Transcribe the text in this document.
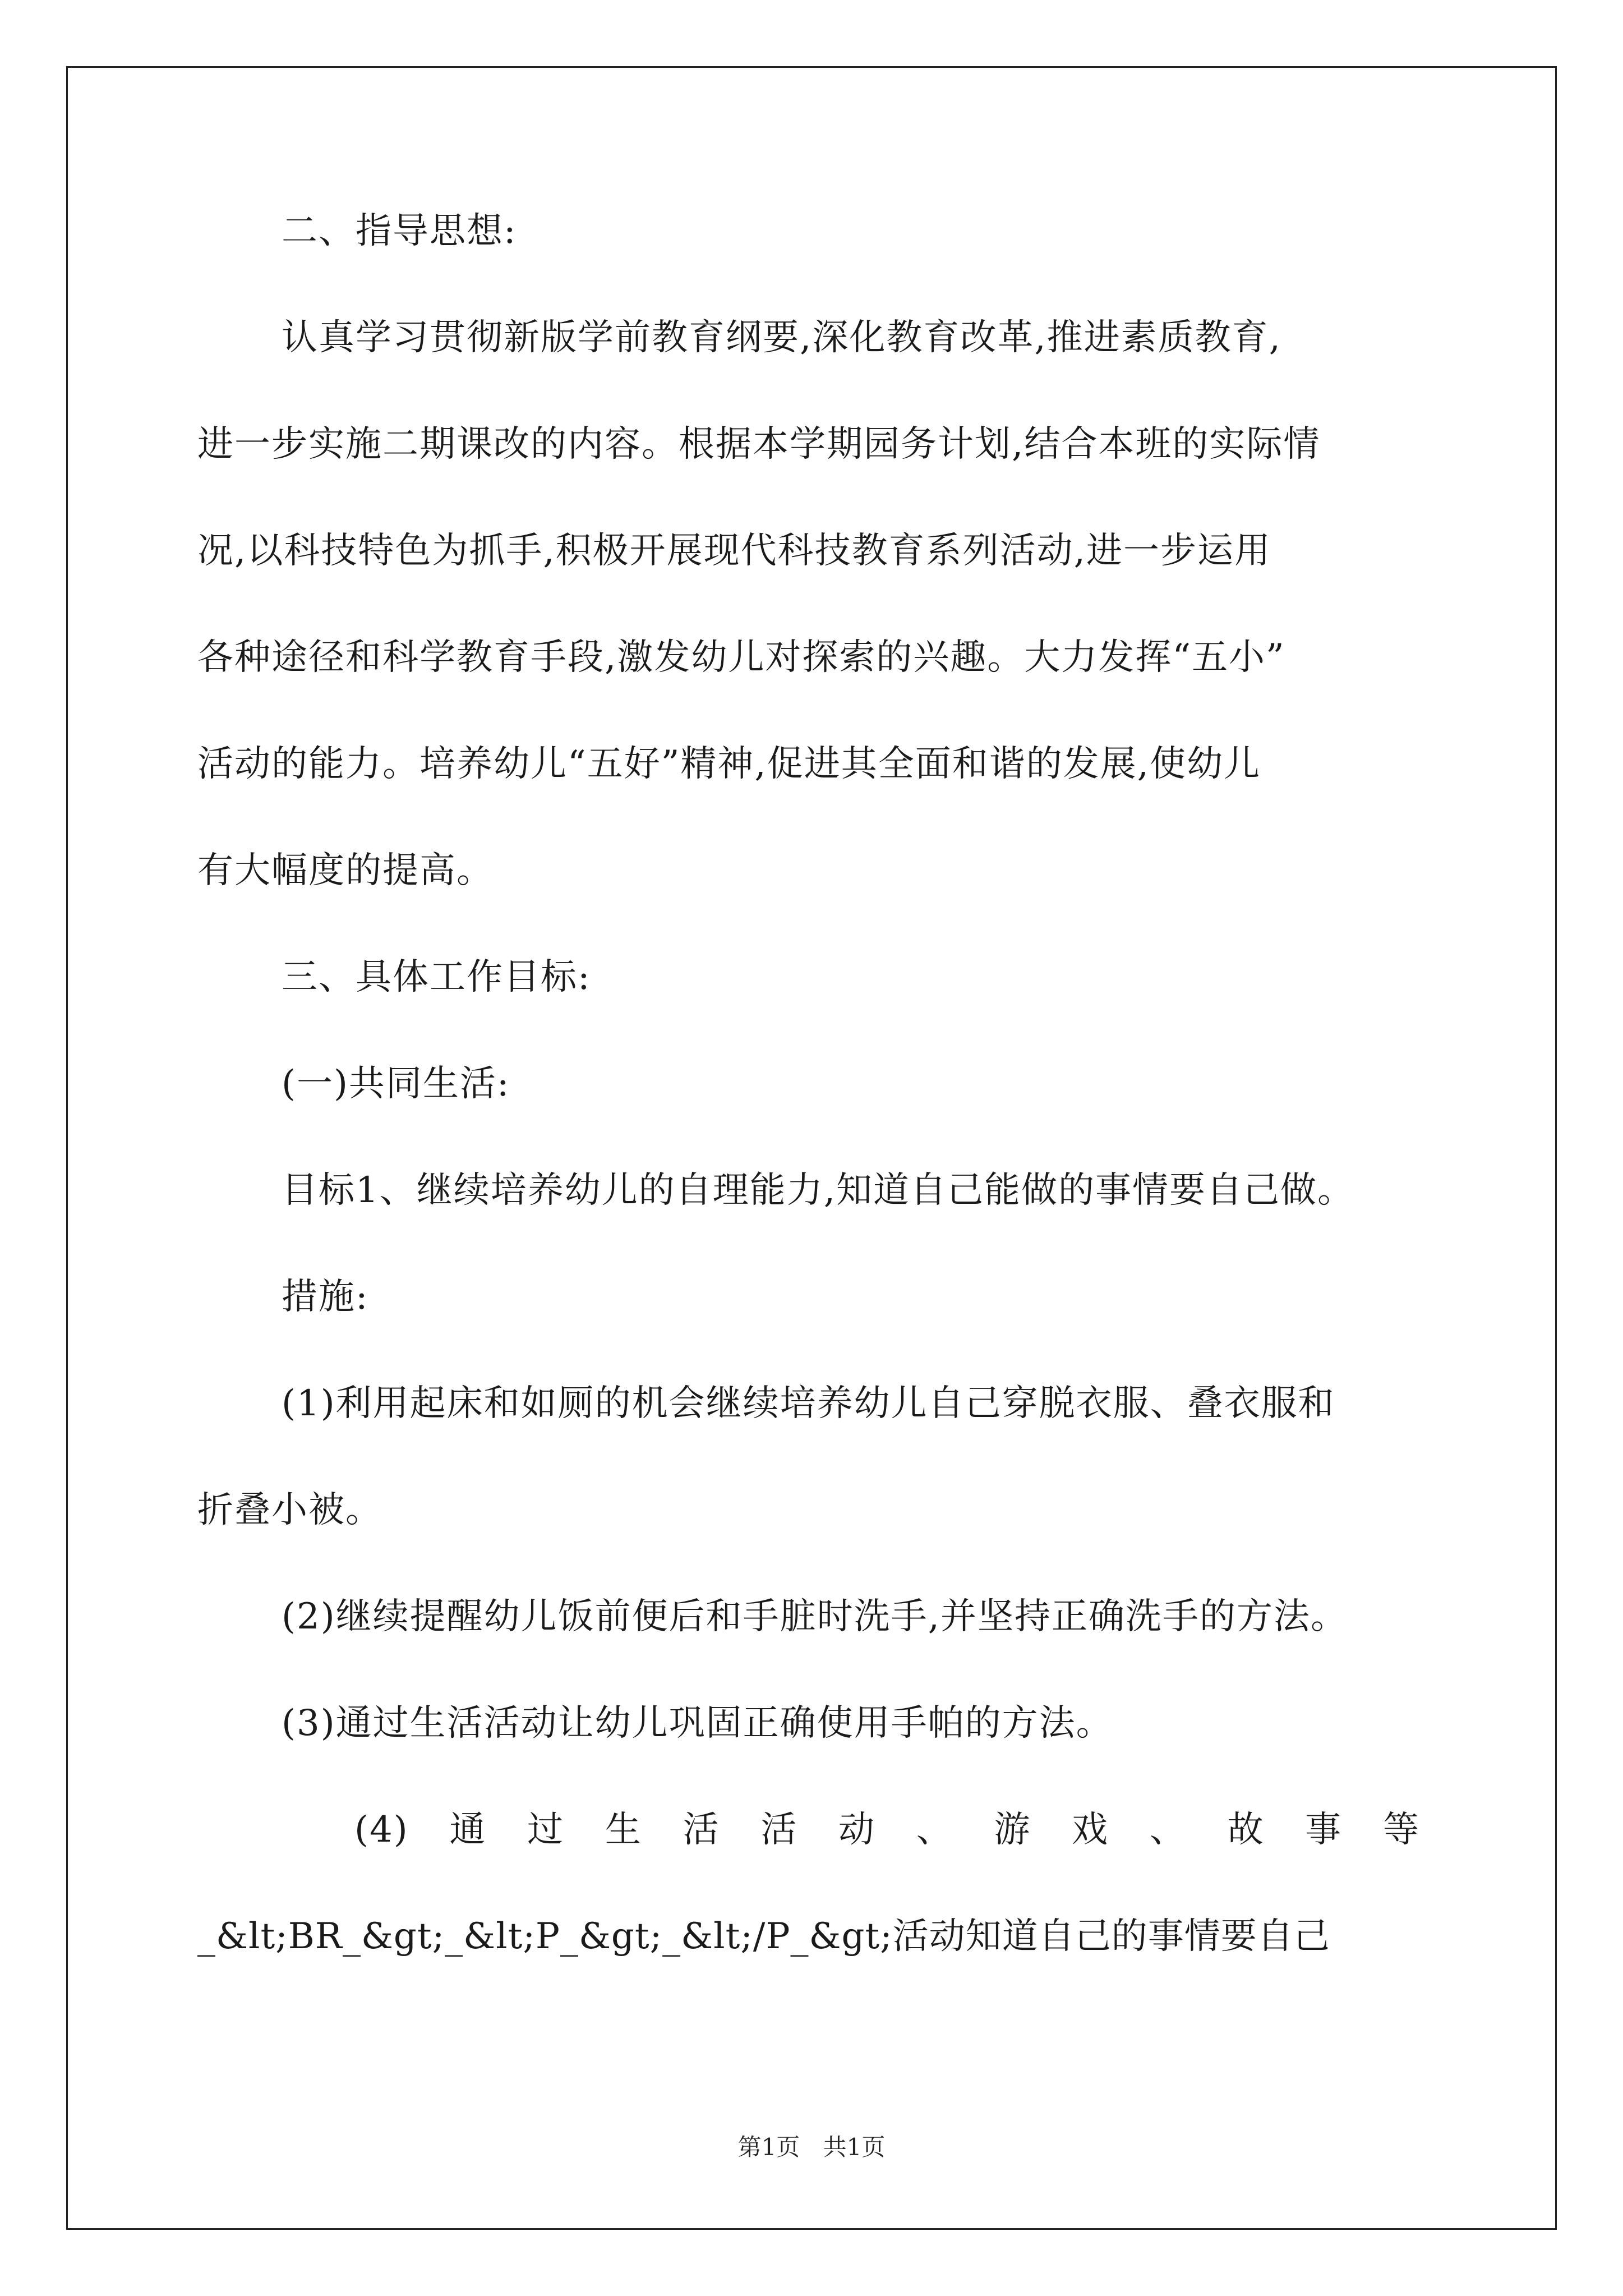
二、指导思想:

认真学习贯彻新版学前教育纲要,深化教育改革,推进素质教育,

进一步实施二期课改的内容。根据本学期园务计划,结合本班的实际情

况,以科技特色为抓手,积极开展现代科技教育系列活动,进一步运用

各种途径和科学教育手段,激发幼儿对探索的兴趣。大力发挥“五小”

活动的能力。培养幼儿“五好”精神,促进其全面和谐的发展,使幼儿

有大幅度的提高。

三、具体工作目标:

(一)共同生活:

目标1、继续培养幼儿的自理能力,知道自己能做的事情要自己做。

措施:

(1)利用起床和如厕的机会继续培养幼儿自己穿脱衣服、叠衣服和

折叠小被。

(2)继续提醒幼儿饭前便后和手脏时洗手,并坚持正确洗手的方法。

(3)通过生活活动让幼儿巩固正确使用手帕的方法。

(4) 通 过 生 活 活 动 、 游 戏 、 故 事 等

_&lt;BR_&gt;_&lt;P_&gt;_&lt;/P_&gt;活动知道自己的事情要自己

第1页 共1页
